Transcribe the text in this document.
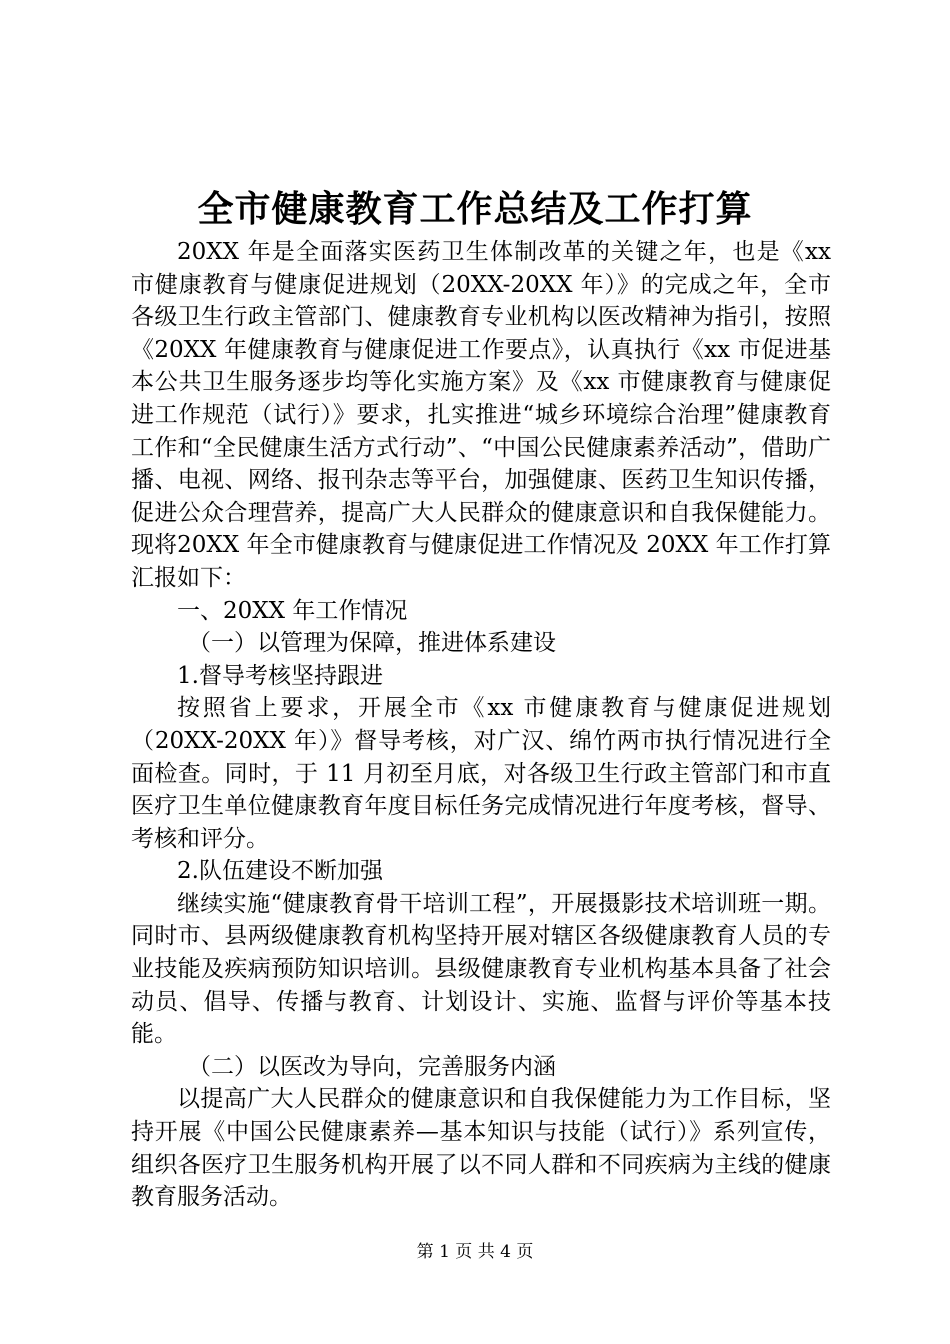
全市健康教育工作总结及工作打算

20XX 年是全面落实医药卫生体制改革的关键之年，也是《xx 市健康教育与健康促进规划（20XX-20XX 年）》的完成之年，全市各级卫生行政主管部门、健康教育专业机构以医改精神为指引，按照《20XX 年健康教育与健康促进工作要点》，认真执行《xx 市促进基本公共卫生服务逐步均等化实施方案》及《xx 市健康教育与健康促进工作规范（试行）》要求，扎实推进“城乡环境综合治理”健康教育工作和“全民健康生活方式行动”、“中国公民健康素养活动”，借助广播、电视、网络、报刊杂志等平台，加强健康、医药卫生知识传播，促进公众合理营养，提高广大人民群众的健康意识和自我保健能力。现将20XX 年全市健康教育与健康促进工作情况及 20XX 年工作打算汇报如下：

一、20XX 年工作情况

（一）以管理为保障，推进体系建设

1.督导考核坚持跟进

按照省上要求，开展全市《xx 市健康教育与健康促进规划（20XX-20XX 年）》督导考核，对广汉、绵竹两市执行情况进行全面检查。同时，于 11 月初至月底，对各级卫生行政主管部门和市直医疗卫生单位健康教育年度目标任务完成情况进行年度考核，督导、考核和评分。

2.队伍建设不断加强

继续实施“健康教育骨干培训工程”，开展摄影技术培训班一期。同时市、县两级健康教育机构坚持开展对辖区各级健康教育人员的专业技能及疾病预防知识培训。县级健康教育专业机构基本具备了社会动员、倡导、传播与教育、计划设计、实施、监督与评价等基本技能。

（二）以医改为导向，完善服务内涵

以提高广大人民群众的健康意识和自我保健能力为工作目标，坚持开展《中国公民健康素养—基本知识与技能（试行）》系列宣传，组织各医疗卫生服务机构开展了以不同人群和不同疾病为主线的健康教育服务活动。

第 1 页 共 4 页
